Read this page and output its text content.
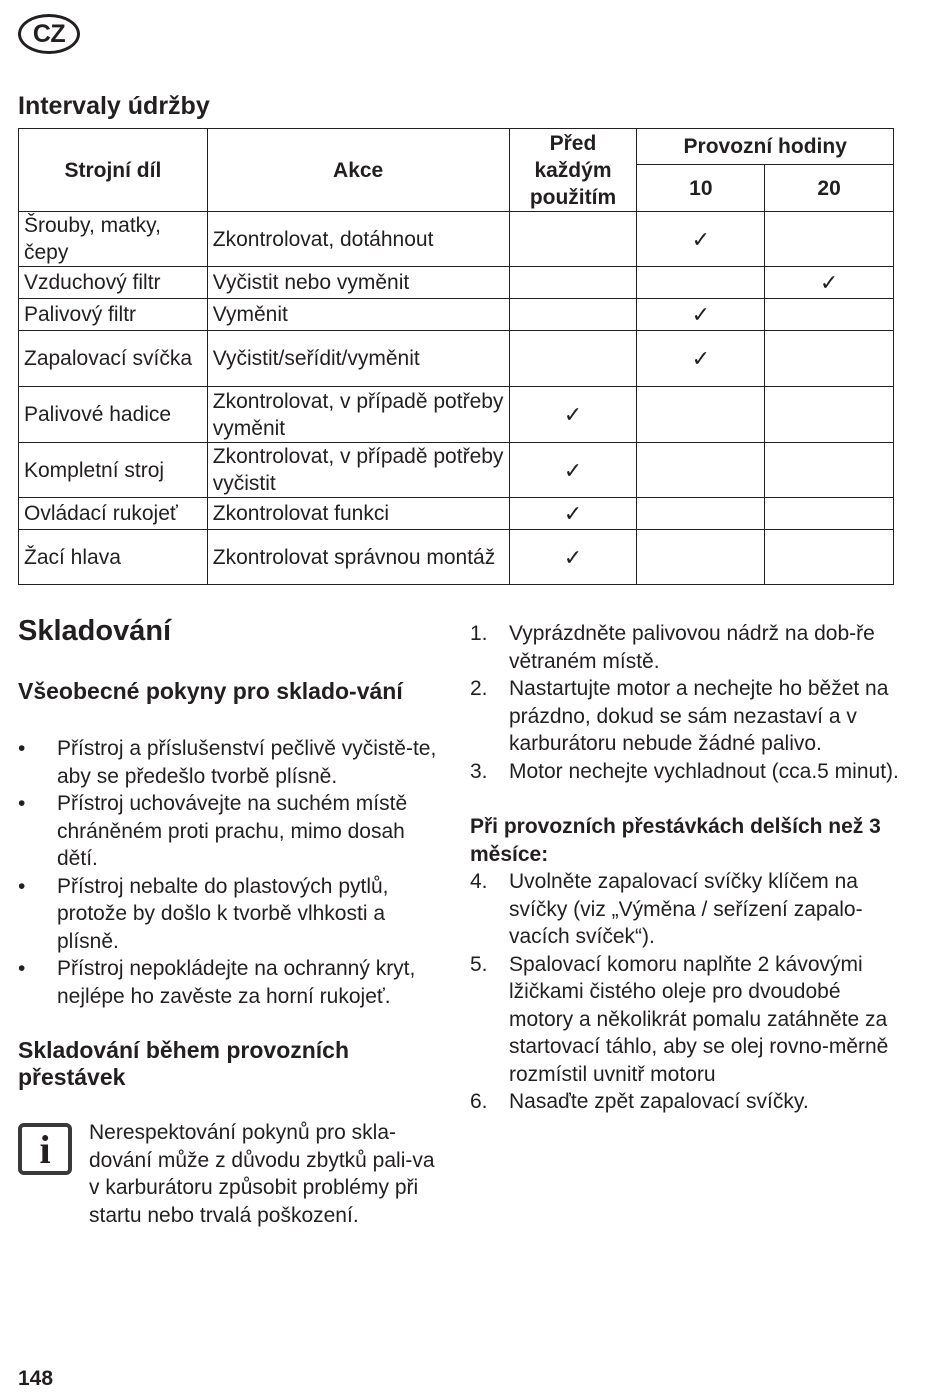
CZ
Intervaly údržby
Strojní díl	Akce	Před každým použitím	Provozní hodiny	
			10	20
Šrouby, matky, čepy	Zkontrolovat, dotáhnout		✓	
Vzduchový filtr	Vyčistit nebo vyměnit			✓
Palivový filtr	Vyměnit		✓	
Zapalovací svíčka	Vyčistit/seřídit/vyměnit		✓	
Palivové hadice	Zkontrolovat, v případě potřeby vyměnit	✓		
Kompletní stroj	Zkontrolovat, v případě potřeby vyčistit	✓		
Ovládací rukojeť	Zkontrolovat funkci	✓		
Žací hlava	Zkontrolovat správnou montáž	✓		
Skladování
Všeobecné pokyny pro sklado-vání
• Přístroj a příslušenství pečlivě vyčistě-te, aby se předešlo tvorbě plísně.
• Přístroj uchovávejte na suchém místě chráněném proti prachu, mimo dosah dětí.
• Přístroj nebalte do plastových pytlů, protože by došlo k tvorbě vlhkosti a plísně.
• Přístroj nepokládejte na ochranný kryt, nejlépe ho zavěste za horní rukojeť.
Skladování během provozních přestávek
i	Nerespektování pokynů pro skla-dování může z důvodu zbytků pali-va v karburátoru způsobit problémy při startu nebo trvalá poškození.
1. Vyprázdněte palivovou nádrž na dob-ře větraném místě.
2. Nastartujte motor a nechejte ho běžet na prázdno, dokud se sám nezastaví a v karburátoru nebude žádné palivo.
3. Motor nechejte vychladnout (cca.5 minut).
Při provozních přestávkách delších než 3 měsíce:
4. Uvolněte zapalovací svíčky klíčem na svíčky (viz „Výměna / seřízení zapalo-vacích svíček“).
5. Spalovací komoru naplňte 2 kávovými lžičkami čistého oleje pro dvoudobé motory a několikrát pomalu zatáhněte za startovací táhlo, aby se olej rovno-měrně rozmístil uvnitř motoru
6. Nasaďte zpět zapalovací svíčky.
148
